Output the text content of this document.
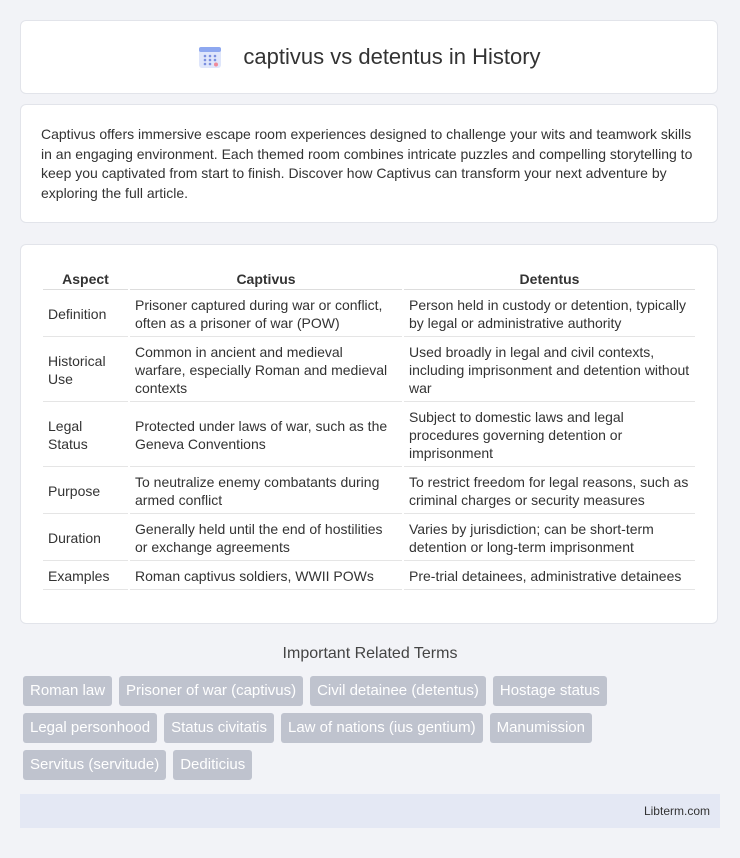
captivus vs detentus in History

Captivus offers immersive escape room experiences designed to challenge your wits and teamwork skills in an engaging environment. Each themed room combines intricate puzzles and compelling storytelling to keep you captivated from start to finish. Discover how Captivus can transform your next adventure by exploring the full article.

Aspect	Captivus	Detentus
Definition	Prisoner captured during war or conflict, often as a prisoner of war (POW)	Person held in custody or detention, typically by legal or administrative authority
Historical Use	Common in ancient and medieval warfare, especially Roman and medieval contexts	Used broadly in legal and civil contexts, including imprisonment and detention without war
Legal Status	Protected under laws of war, such as the Geneva Conventions	Subject to domestic laws and legal procedures governing detention or imprisonment
Purpose	To neutralize enemy combatants during armed conflict	To restrict freedom for legal reasons, such as criminal charges or security measures
Duration	Generally held until the end of hostilities or exchange agreements	Varies by jurisdiction; can be short-term detention or long-term imprisonment
Examples	Roman captivus soldiers, WWII POWs	Pre-trial detainees, administrative detainees
Important Related Terms
Roman law	Prisoner of war (captivus)	Civil detainee (detentus)	Hostage status
Legal personhood	Status civitatis	Law of nations (ius gentium)	Manumission
Servitus (servitude)	Dediticius
Libterm.com
